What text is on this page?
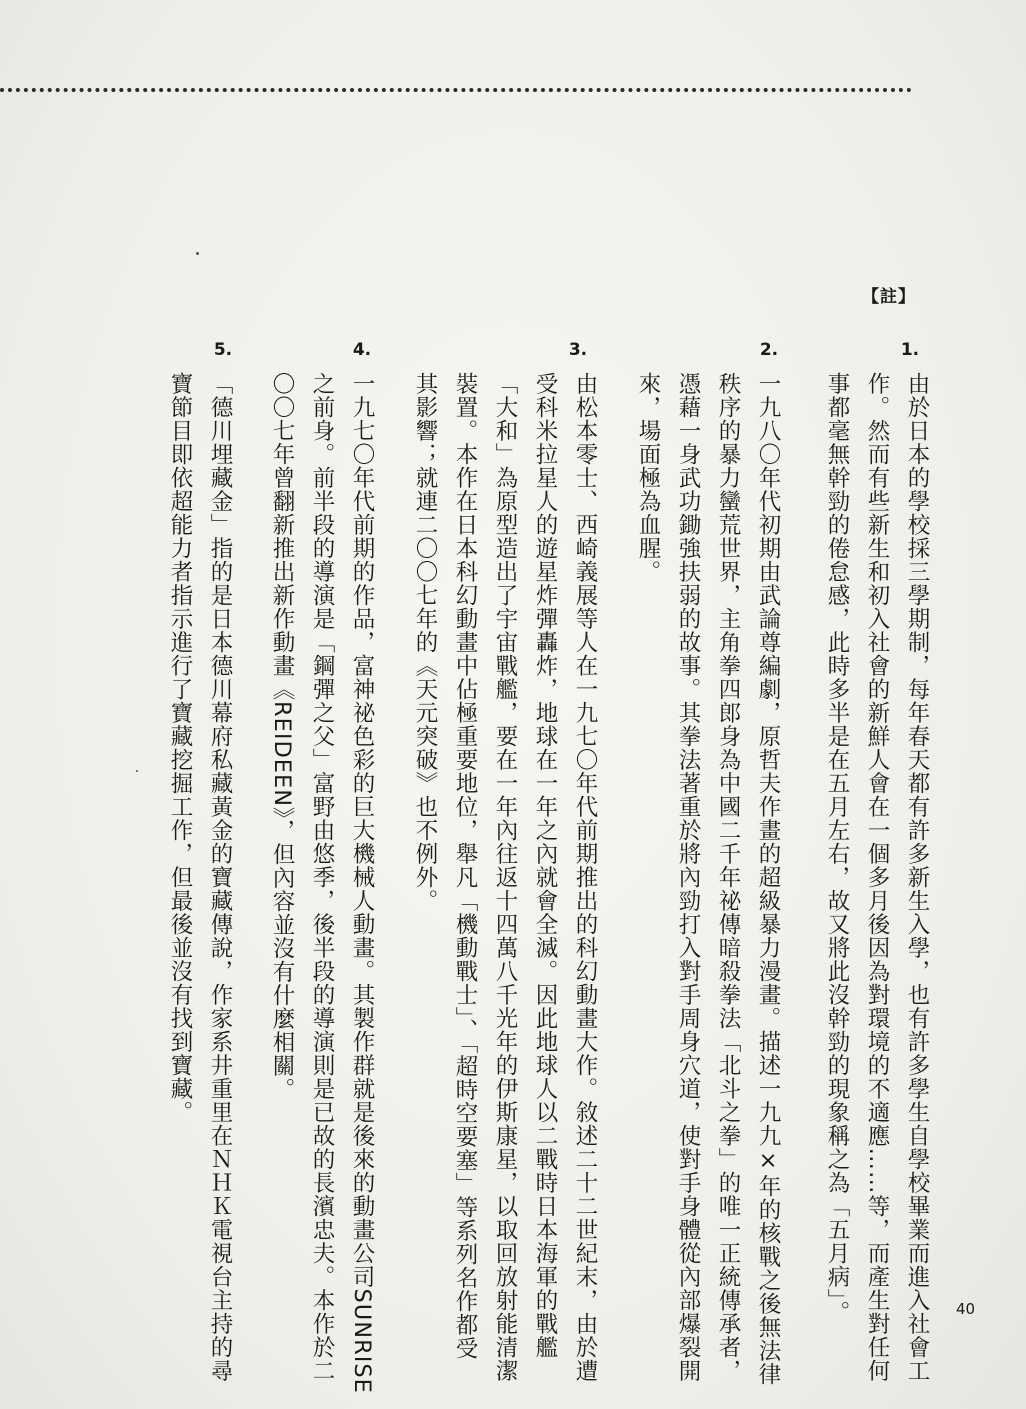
【註】
1.
由於日本的學校採三學期制，每年春天都有許多新生入學，也有許多學生自學校畢業而進入社會工
作。然而有些新生和初入社會的新鮮人會在一個多月後因為對環境的不適應……等，而產生對任何
事都毫無幹勁的倦怠感，此時多半是在五月左右，故又將此沒幹勁的現象稱之為「五月病」。
2.
一九八〇年代初期由武論尊編劇，原哲夫作畫的超級暴力漫畫。描述一九九×年的核戰之後無法律
秩序的暴力蠻荒世界，主角拳四郎身為中國二千年祕傳暗殺拳法「北斗之拳」的唯一正統傳承者，
憑藉一身武功鋤強扶弱的故事。其拳法著重於將內勁打入對手周身穴道，使對手身體從內部爆裂開
來，場面極為血腥。
3.
由松本零士、西崎義展等人在一九七〇年代前期推出的科幻動畫大作。敘述二十二世紀末，由於遭
受科米拉星人的遊星炸彈轟炸，地球在一年之內就會全滅。因此地球人以二戰時日本海軍的戰艦
「大和」為原型造出了宇宙戰艦，要在一年內往返十四萬八千光年的伊斯康星，以取回放射能清潔
裝置。本作在日本科幻動畫中佔極重要地位，舉凡「機動戰士」、「超時空要塞」等系列名作都受
其影響；就連二〇〇七年的《天元突破》也不例外。
4.
一九七〇年代前期的作品，富神祕色彩的巨大機械人動畫。其製作群就是後來的動畫公司SUNRISE
之前身。前半段的導演是「鋼彈之父」富野由悠季，後半段的導演則是已故的長濱忠夫。本作於二
〇〇七年曾翻新推出新作動畫《REIDEEN》，但內容並沒有什麼相關。
5.
「德川埋藏金」指的是日本德川幕府私藏黃金的寶藏傳說，作家系井重里在ＮＨＫ電視台主持的尋
寶節目即依超能力者指示進行了寶藏挖掘工作，但最後並沒有找到寶藏。
40
